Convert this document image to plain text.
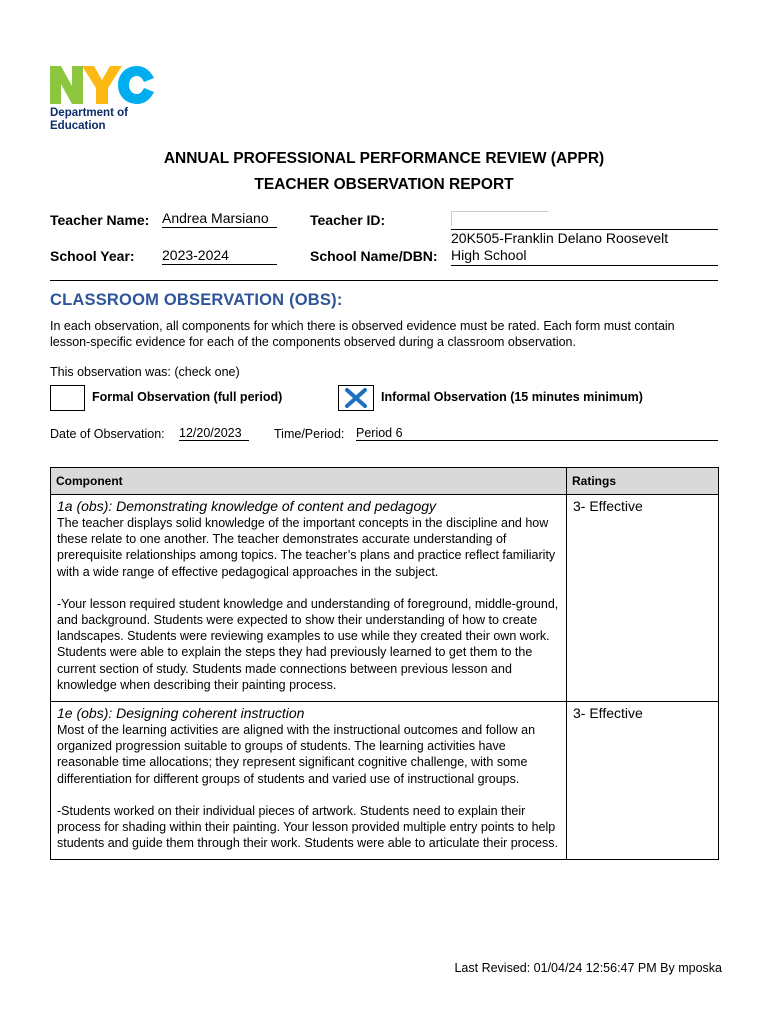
Department of
Education
ANNUAL PROFESSIONAL PERFORMANCE REVIEW (APPR)
TEACHER OBSERVATION REPORT
Teacher Name: Andrea Marsiano	Teacher ID:
School Year: 2023-2024	School Name/DBN:
20K505-Franklin Delano Roosevelt
High School
CLASSROOM OBSERVATION (OBS):
In each observation, all components for which there is observed evidence must be rated. Each form must contain lesson-specific evidence for each of the components observed during a classroom observation.
This observation was: (check one)
Formal Observation (full period)	Informal Observation (15 minutes minimum)
Date of Observation: 12/20/2023	Time/Period: Period 6
Component	Ratings

1a (obs): Demonstrating knowledge of content and pedagogy
The teacher displays solid knowledge of the important concepts in the discipline and how these relate to one another. The teacher demonstrates accurate understanding of prerequisite relationships among topics. The teacher’s plans and practice reflect familiarity with a wide range of effective pedagogical approaches in the subject.
-Your lesson required student knowledge and understanding of foreground, middle-ground, and background. Students were expected to show their understanding of how to create landscapes. Students were reviewing examples to use while they created their own work. Students were able to explain the steps they had previously learned to get them to the current section of study. Students made connections between previous lesson and knowledge when describing their painting process.	3- Effective

1e (obs): Designing coherent instruction
Most of the learning activities are aligned with the instructional outcomes and follow an organized progression suitable to groups of students. The learning activities have reasonable time allocations; they represent significant cognitive challenge, with some differentiation for different groups of students and varied use of instructional groups.
-Students worked on their individual pieces of artwork. Students need to explain their process for shading within their painting. Your lesson provided multiple entry points to help students and guide them through their work. Students were able to articulate their process.	3- Effective
Last Revised: 01/04/24 12:56:47 PM By mposka
